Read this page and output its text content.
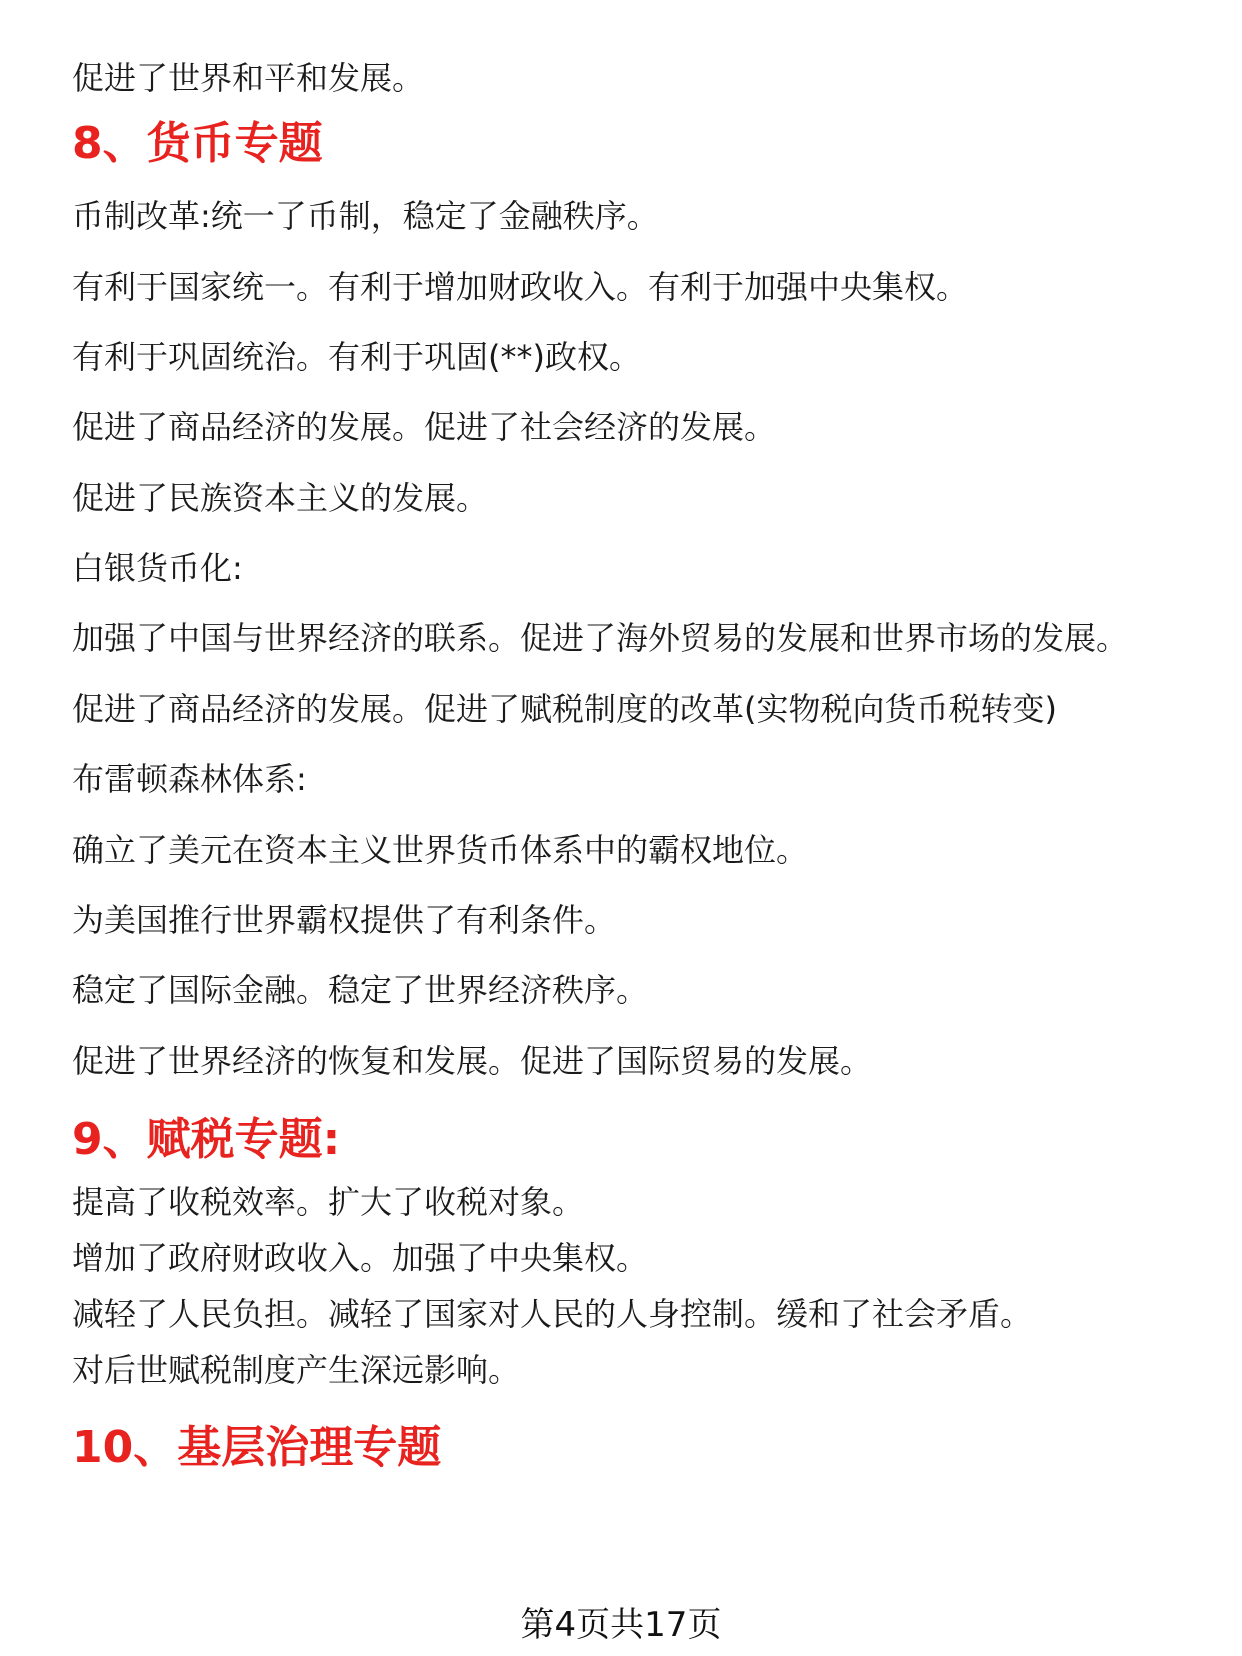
促进了世界和平和发展。
8、货币专题
币制改革:统一了币制，稳定了金融秩序。
有利于国家统一。有利于增加财政收入。有利于加强中央集权。
有利于巩固统治。有利于巩固(**)政权。
促进了商品经济的发展。促进了社会经济的发展。
促进了民族资本主义的发展。
白银货币化:
加强了中国与世界经济的联系。促进了海外贸易的发展和世界市场的发展。
促进了商品经济的发展。促进了赋税制度的改革(实物税向货币税转变)
布雷顿森林体系:
确立了美元在资本主义世界货币体系中的霸权地位。
为美国推行世界霸权提供了有利条件。
稳定了国际金融。稳定了世界经济秩序。
促进了世界经济的恢复和发展。促进了国际贸易的发展。
9、赋税专题:
提高了收税效率。扩大了收税对象。
增加了政府财政收入。加强了中央集权。
减轻了人民负担。减轻了国家对人民的人身控制。缓和了社会矛盾。
对后世赋税制度产生深远影响。
10、基层治理专题
第4页共17页
